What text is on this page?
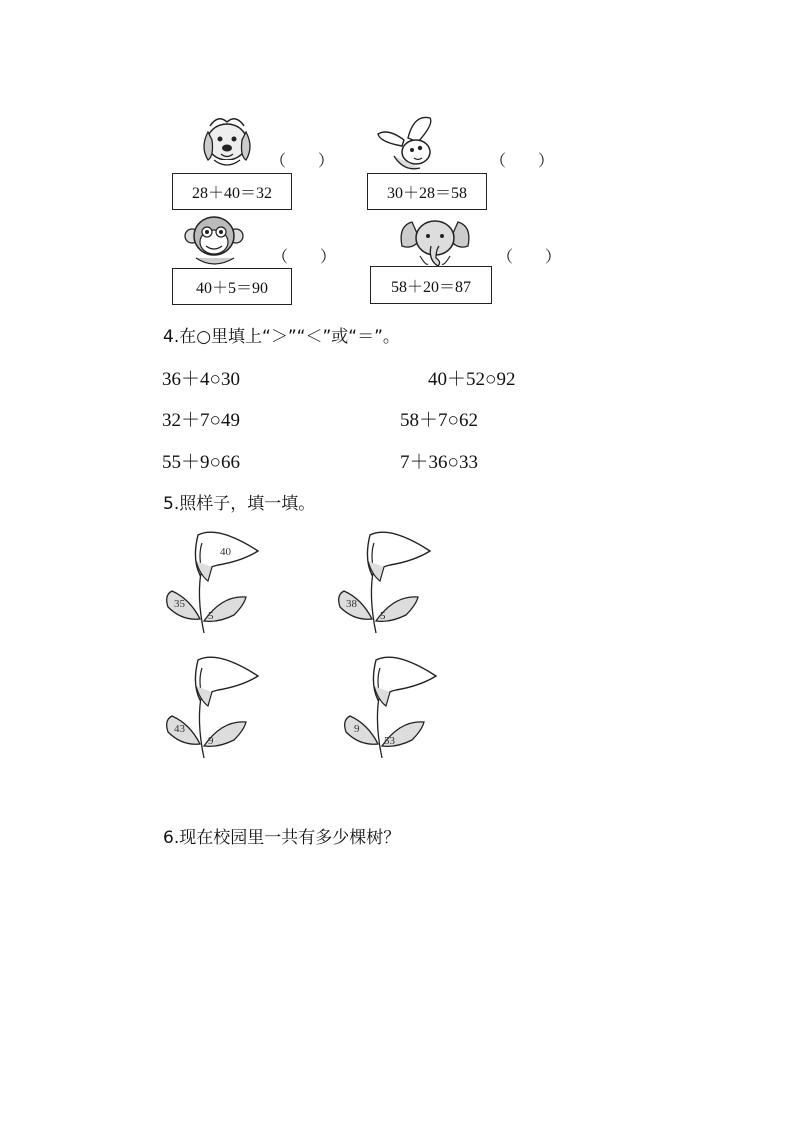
（　　）
28＋40＝32
（　　）
30＋28＝58
（　　）
40＋5＝90
（　　）
58＋20＝87
4.在○里填上“＞”“＜”或“＝”。
36＋4○30	40＋52○92
32＋7○49	58＋7○62
55＋9○66	7＋36○33
5.照样子，填一填。
40
35
5
38
5
43
9
9
53
6.现在校园里一共有多少棵树？
